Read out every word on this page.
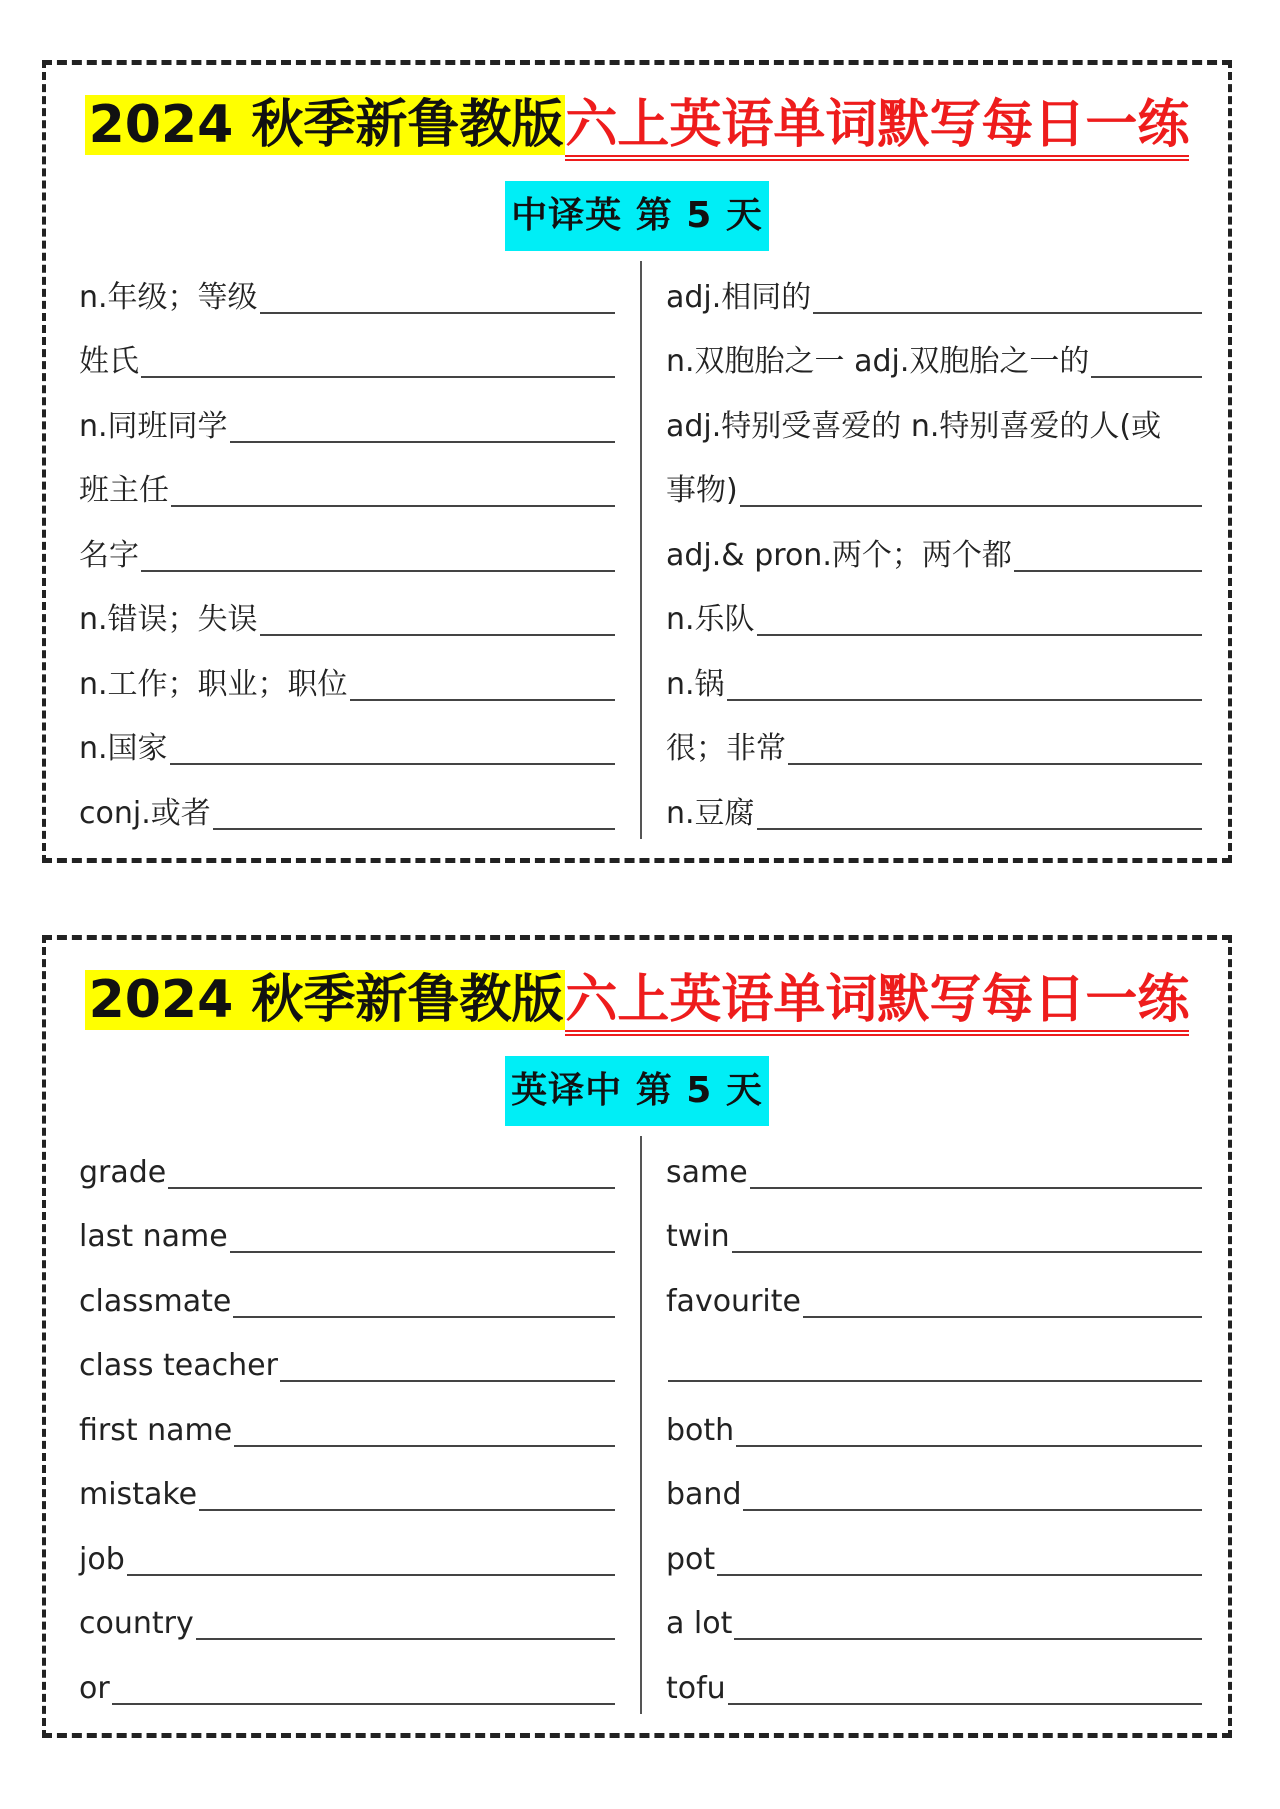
2024 秋季新鲁教版六上英语单词默写每日一练
中译英 第 5 天
n.年级；等级
姓氏
n.同班同学
班主任
名字
n.错误；失误
n.工作；职业；职位
n.国家
conj.或者
adj.相同的
n.双胞胎之一 adj.双胞胎之一的
adj.特别受喜爱的 n.特别喜爱的人(或
事物)
adj.& pron.两个；两个都
n.乐队
n.锅
很；非常
n.豆腐
2024 秋季新鲁教版六上英语单词默写每日一练
英译中 第 5 天
grade
last name
classmate
class teacher
first name
mistake
job
country
or
same
twin
favourite
both
band
pot
a lot
tofu
